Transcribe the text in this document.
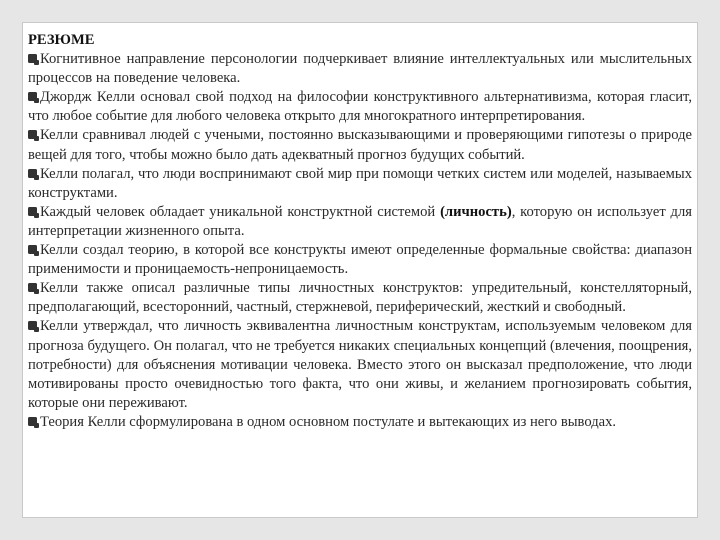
РЕЗЮМЕ
Когнитивное направление персонологии подчеркивает влияние интеллектуальных или мыслительных процессов на поведение человека.
Джордж Келли основал свой подход на философии конструктивного альтернативизма, которая гласит, что любое событие для любого человека открыто для многократного интерпретирования.
Келли сравнивал людей с учеными, постоянно высказывающими и проверяющими гипотезы о природе вещей для того, чтобы можно было дать адекватный прогноз будущих событий.
Келли полагал, что люди воспринимают свой мир при помощи четких систем или моделей, называемых конструктами.
Каждый человек обладает уникальной конструктной системой (личность), которую он использует для интерпретации жизненного опыта.
Келли создал теорию, в которой все конструкты имеют определенные формальные свойства: диапазон применимости и проницаемость-непроницаемость.
Келли также описал различные типы личностных конструктов: упредительный, констелляторный, предполагающий, всесторонний, частный, стержневой, периферический, жесткий и свободный.
Келли утверждал, что личность эквивалентна личностным конструктам, используемым человеком для прогноза будущего. Он полагал, что не требуется никаких специальных концепций (влечения, поощрения, потребности) для объяснения мотивации человека. Вместо этого он высказал предположение, что люди мотивированы просто очевидностью того факта, что они живы, и желанием прогнозировать события, которые они переживают.
Теория Келли сформулирована в одном основном постулате и вытекающих из него выводах.
